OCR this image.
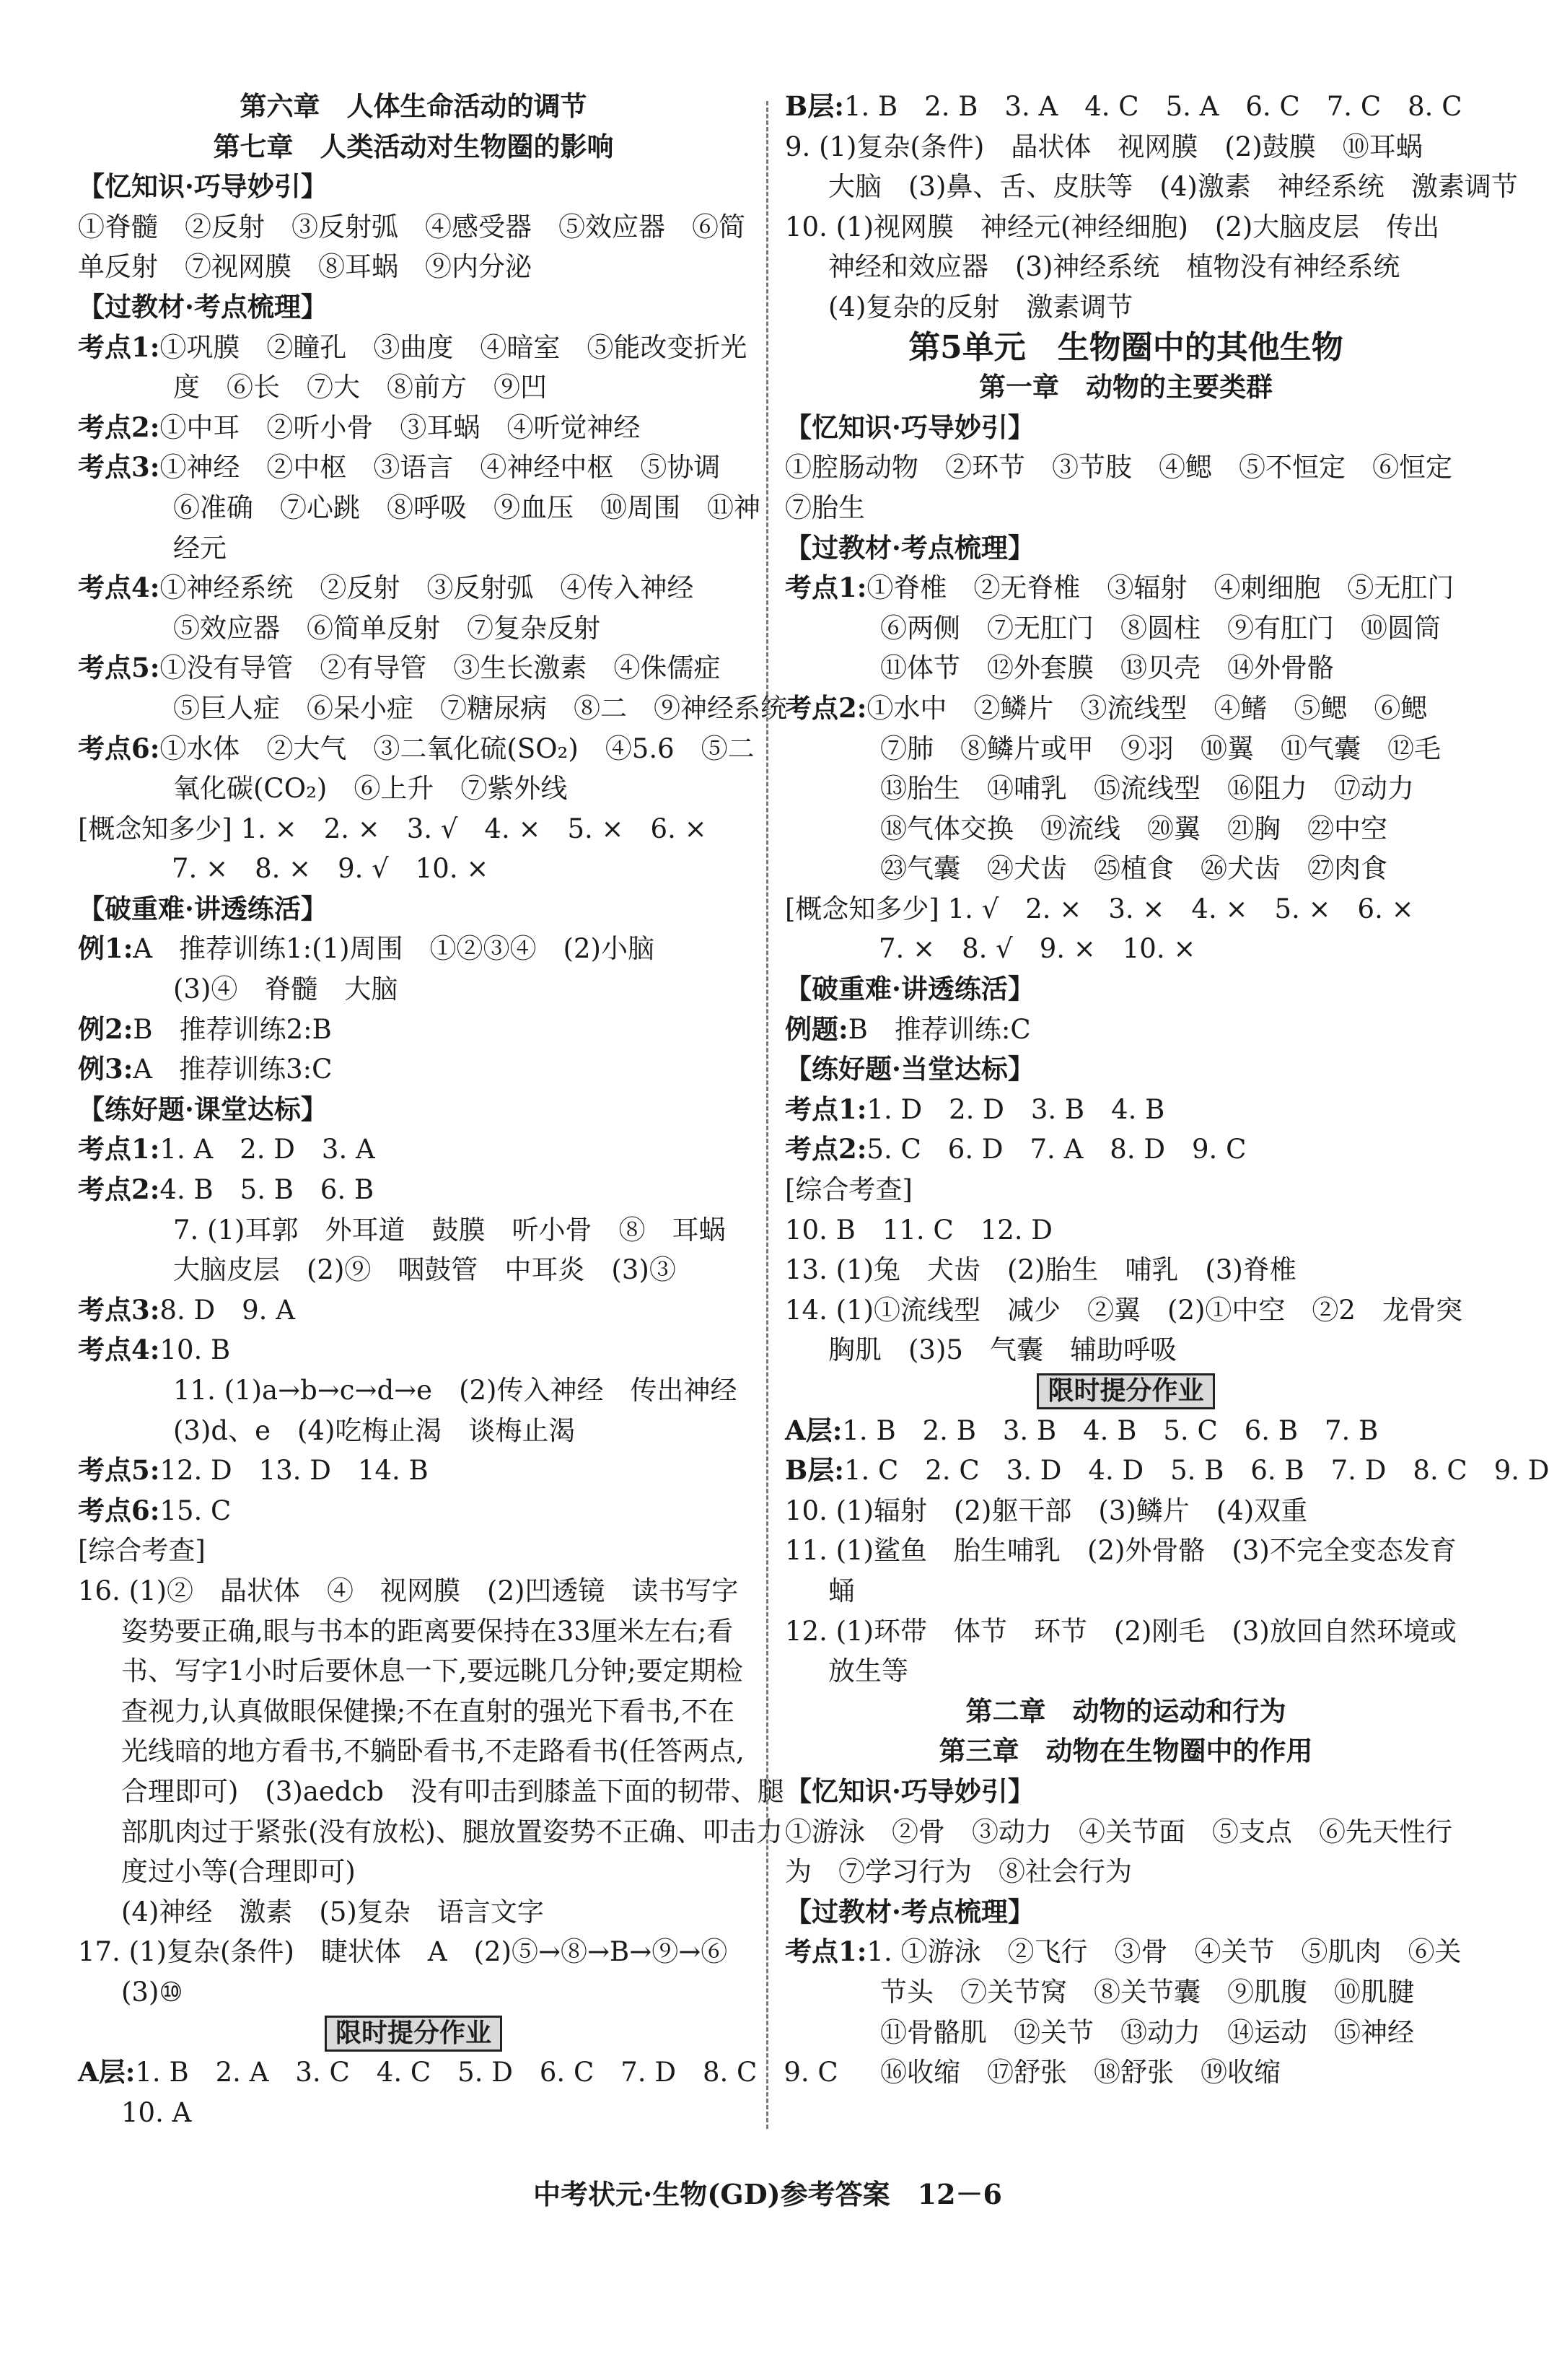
第六章　人体生命活动的调节
第七章　人类活动对生物圈的影响
【忆知识·巧导妙引】
①脊髓　②反射　③反射弧　④感受器　⑤效应器　⑥简
单反射　⑦视网膜　⑧耳蜗　⑨内分泌
【过教材·考点梳理】
考点1:①巩膜　②瞳孔　③曲度　④暗室　⑤能改变折光
度　⑥长　⑦大　⑧前方　⑨凹
考点2:①中耳　②听小骨　③耳蜗　④听觉神经
考点3:①神经　②中枢　③语言　④神经中枢　⑤协调
⑥准确　⑦心跳　⑧呼吸　⑨血压　⑩周围　⑪神
经元
考点4:①神经系统　②反射　③反射弧　④传入神经
⑤效应器　⑥简单反射　⑦复杂反射
考点5:①没有导管　②有导管　③生长激素　④侏儒症
⑤巨人症　⑥呆小症　⑦糖尿病　⑧二　⑨神经系统
考点6:①水体　②大气　③二氧化硫(SO₂)　④5.6　⑤二
氧化碳(CO₂)　⑥上升　⑦紫外线
[概念知多少] 1. ×　2. ×　3. √　4. ×　5. ×　6. ×
7. ×　8. ×　9. √　10. ×
【破重难·讲透练活】
例1:A　推荐训练1:(1)周围　①②③④　(2)小脑
(3)④　脊髓　大脑
例2:B　推荐训练2:B
例3:A　推荐训练3:C
【练好题·课堂达标】
考点1:1. A　2. D　3. A
考点2:4. B　5. B　6. B
7. (1)耳郭　外耳道　鼓膜　听小骨　⑧　耳蜗
大脑皮层　(2)⑨　咽鼓管　中耳炎　(3)③
考点3:8. D　9. A
考点4:10. B
11. (1)a→b→c→d→e　(2)传入神经　传出神经
(3)d、e　(4)吃梅止渴　谈梅止渴
考点5:12. D　13. D　14. B
考点6:15. C
[综合考查]
16. (1)②　晶状体　④　视网膜　(2)凹透镜　读书写字
姿势要正确,眼与书本的距离要保持在33厘米左右;看
书、写字1小时后要休息一下,要远眺几分钟;要定期检
查视力,认真做眼保健操;不在直射的强光下看书,不在
光线暗的地方看书,不躺卧看书,不走路看书(任答两点,
合理即可)　(3)aedcb　没有叩击到膝盖下面的韧带、腿
部肌肉过于紧张(没有放松)、腿放置姿势不正确、叩击力
度过小等(合理即可)
(4)神经　激素　(5)复杂　语言文字
17. (1)复杂(条件)　睫状体　A　(2)⑤→⑧→B→⑨→⑥
(3)⑩
限时提分作业
A层:1. B　2. A　3. C　4. C　5. D　6. C　7. D　8. C　9. C
10. A
B层:1. B　2. B　3. A　4. C　5. A　6. C　7. C　8. C
9. (1)复杂(条件)　晶状体　视网膜　(2)鼓膜　⑩耳蜗
大脑　(3)鼻、舌、皮肤等　(4)激素　神经系统　激素调节
10. (1)视网膜　神经元(神经细胞)　(2)大脑皮层　传出
神经和效应器　(3)神经系统　植物没有神经系统
(4)复杂的反射　激素调节
第5单元　生物圈中的其他生物
第一章　动物的主要类群
【忆知识·巧导妙引】
①腔肠动物　②环节　③节肢　④鳃　⑤不恒定　⑥恒定
⑦胎生
【过教材·考点梳理】
考点1:①脊椎　②无脊椎　③辐射　④刺细胞　⑤无肛门
⑥两侧　⑦无肛门　⑧圆柱　⑨有肛门　⑩圆筒
⑪体节　⑫外套膜　⑬贝壳　⑭外骨骼
考点2:①水中　②鳞片　③流线型　④鳍　⑤鳃　⑥鳃
⑦肺　⑧鳞片或甲　⑨羽　⑩翼　⑪气囊　⑫毛
⑬胎生　⑭哺乳　⑮流线型　⑯阻力　⑰动力
⑱气体交换　⑲流线　⑳翼　㉑胸　㉒中空
㉓气囊　㉔犬齿　㉕植食　㉖犬齿　㉗肉食
[概念知多少] 1. √　2. ×　3. ×　4. ×　5. ×　6. ×
7. ×　8. √　9. ×　10. ×
【破重难·讲透练活】
例题:B　推荐训练:C
【练好题·当堂达标】
考点1:1. D　2. D　3. B　4. B
考点2:5. C　6. D　7. A　8. D　9. C
[综合考查]
10. B　11. C　12. D
13. (1)兔　犬齿　(2)胎生　哺乳　(3)脊椎
14. (1)①流线型　减少　②翼　(2)①中空　②2　龙骨突
胸肌　(3)5　气囊　辅助呼吸
限时提分作业
A层:1. B　2. B　3. B　4. B　5. C　6. B　7. B
B层:1. C　2. C　3. D　4. D　5. B　6. B　7. D　8. C　9. D
10. (1)辐射　(2)躯干部　(3)鳞片　(4)双重
11. (1)鲨鱼　胎生哺乳　(2)外骨骼　(3)不完全变态发育
蛹
12. (1)环带　体节　环节　(2)刚毛　(3)放回自然环境或
放生等
第二章　动物的运动和行为
第三章　动物在生物圈中的作用
【忆知识·巧导妙引】
①游泳　②骨　③动力　④关节面　⑤支点　⑥先天性行
为　⑦学习行为　⑧社会行为
【过教材·考点梳理】
考点1:1. ①游泳　②飞行　③骨　④关节　⑤肌肉　⑥关
节头　⑦关节窝　⑧关节囊　⑨肌腹　⑩肌腱
⑪骨骼肌　⑫关节　⑬动力　⑭运动　⑮神经
⑯收缩　⑰舒张　⑱舒张　⑲收缩
中考状元·生物(GD)参考答案　12－6
